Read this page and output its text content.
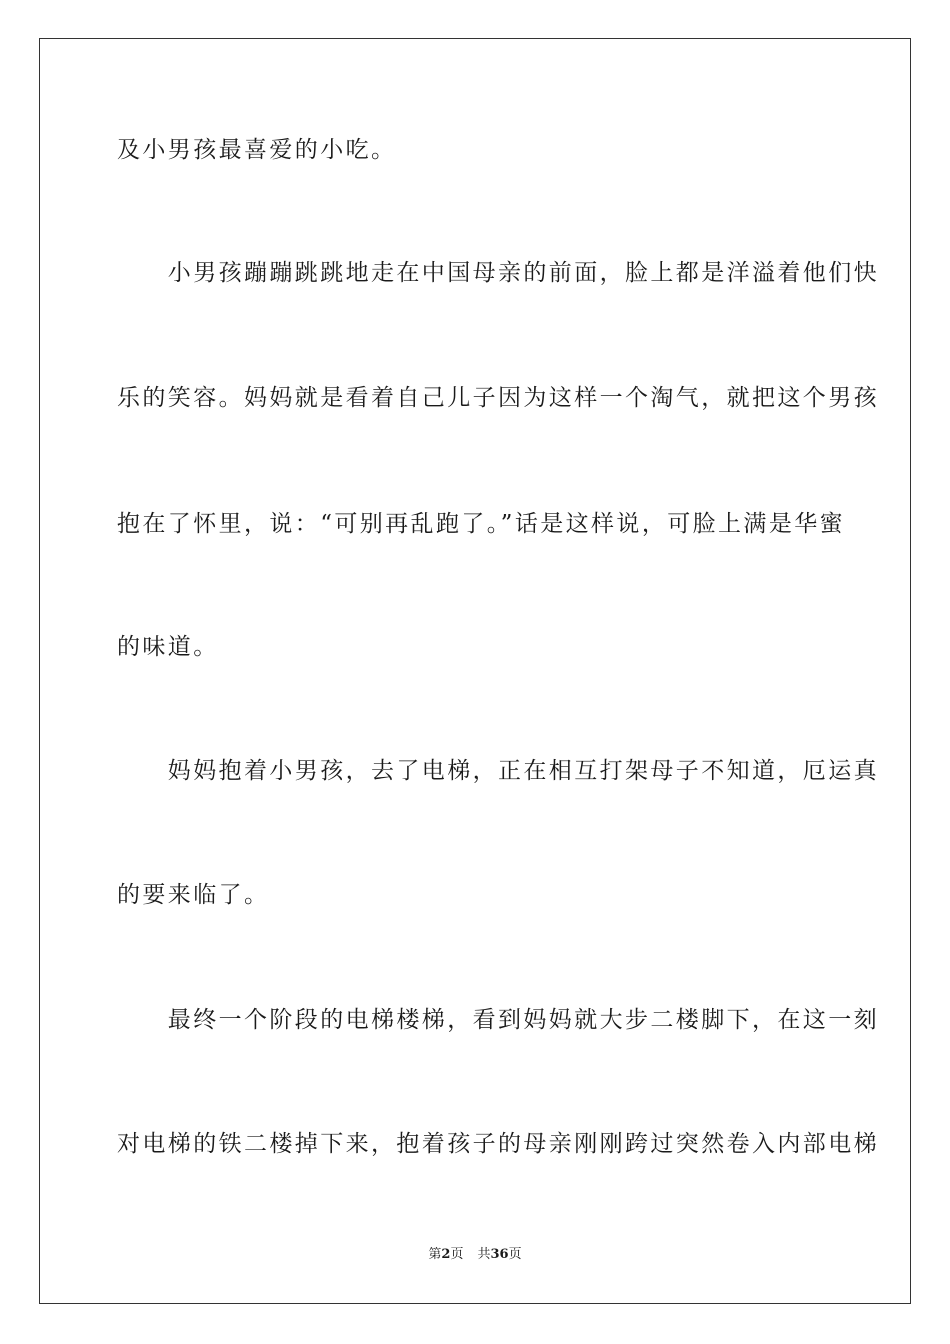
及小男孩最喜爱的小吃。
　　小男孩蹦蹦跳跳地走在中国母亲的前面，脸上都是洋溢着他们快
乐的笑容。妈妈就是看着自己儿子因为这样一个淘气，就把这个男孩
抱在了怀里，说：“可别再乱跑了。”话是这样说，可脸上满是华蜜
的味道。
　　妈妈抱着小男孩，去了电梯，正在相互打架母子不知道，厄运真
的要来临了。
　　最终一个阶段的电梯楼梯，看到妈妈就大步二楼脚下，在这一刻
对电梯的铁二楼掉下来，抱着孩子的母亲刚刚跨过突然卷入内部电梯
第2页 共36页
